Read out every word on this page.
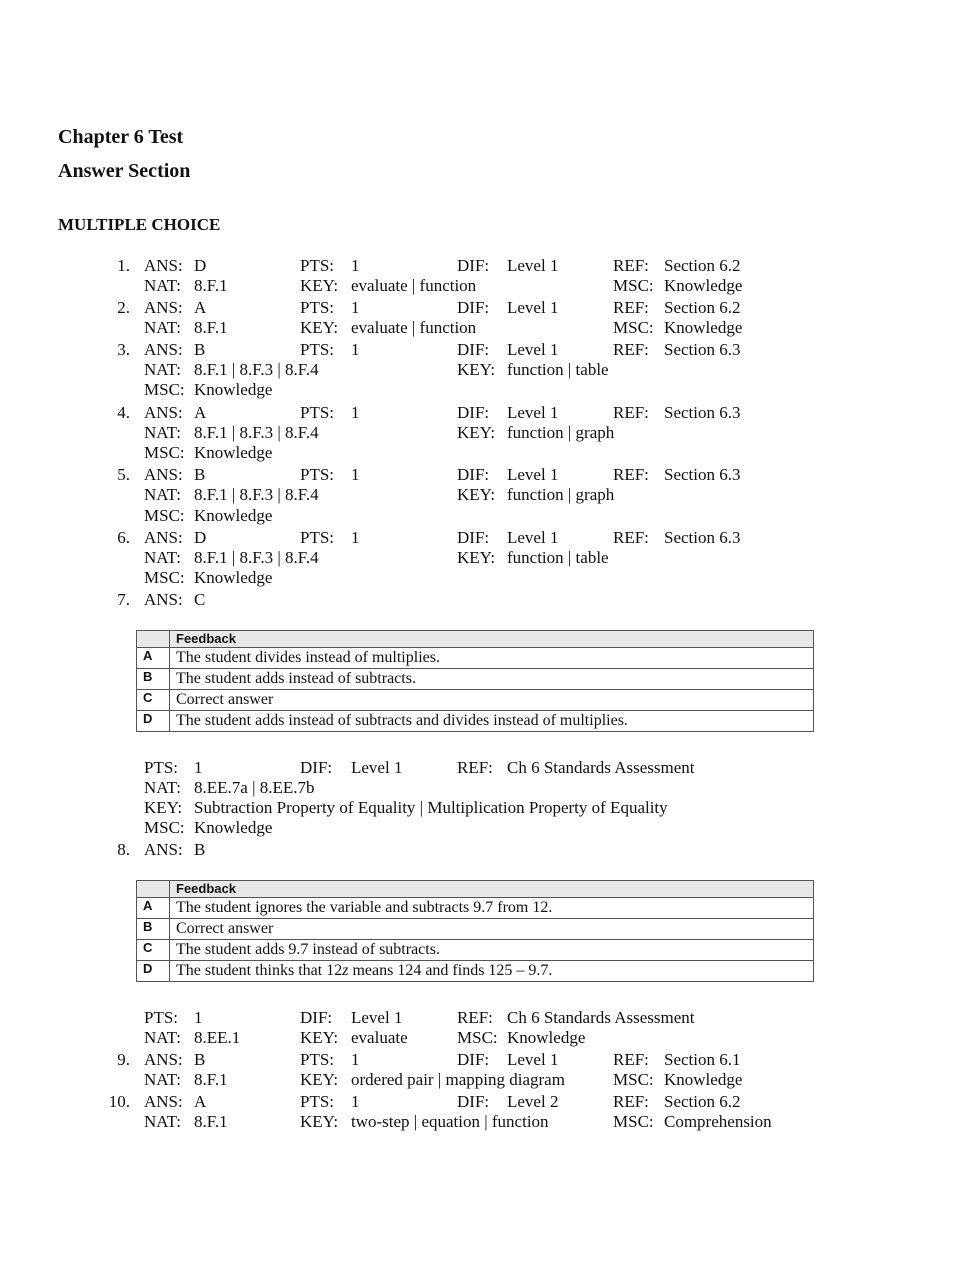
Chapter 6 Test
Answer Section
MULTIPLE CHOICE
1. ANS: D	PTS: 1	DIF: Level 1	REF: Section 6.2
NAT: 8.F.1	KEY: evaluate | function	MSC: Knowledge
2. ANS: A	PTS: 1	DIF: Level 1	REF: Section 6.2
NAT: 8.F.1	KEY: evaluate | function	MSC: Knowledge
3. ANS: B	PTS: 1	DIF: Level 1	REF: Section 6.3
NAT: 8.F.1 | 8.F.3 | 8.F.4	KEY: function | table
MSC: Knowledge
4. ANS: A	PTS: 1	DIF: Level 1	REF: Section 6.3
NAT: 8.F.1 | 8.F.3 | 8.F.4	KEY: function | graph
MSC: Knowledge
5. ANS: B	PTS: 1	DIF: Level 1	REF: Section 6.3
NAT: 8.F.1 | 8.F.3 | 8.F.4	KEY: function | graph
MSC: Knowledge
6. ANS: D	PTS: 1	DIF: Level 1	REF: Section 6.3
NAT: 8.F.1 | 8.F.3 | 8.F.4	KEY: function | table
MSC: Knowledge
7. ANS: C
	Feedback
A	The student divides instead of multiplies.
B	The student adds instead of subtracts.
C	Correct answer
D	The student adds instead of subtracts and divides instead of multiplies.
PTS: 1	DIF: Level 1	REF: Ch 6 Standards Assessment
NAT: 8.EE.7a | 8.EE.7b
KEY: Subtraction Property of Equality | Multiplication Property of Equality
MSC: Knowledge
8. ANS: B
	Feedback
A	The student ignores the variable and subtracts 9.7 from 12.
B	Correct answer
C	The student adds 9.7 instead of subtracts.
D	The student thinks that 12z means 124 and finds 125 – 9.7.
PTS: 1	DIF: Level 1	REF: Ch 6 Standards Assessment
NAT: 8.EE.1	KEY: evaluate	MSC: Knowledge
9. ANS: B	PTS: 1	DIF: Level 1	REF: Section 6.1
NAT: 8.F.1	KEY: ordered pair | mapping diagram	MSC: Knowledge
10. ANS: A	PTS: 1	DIF: Level 2	REF: Section 6.2
NAT: 8.F.1	KEY: two-step | equation | function	MSC: Comprehension
